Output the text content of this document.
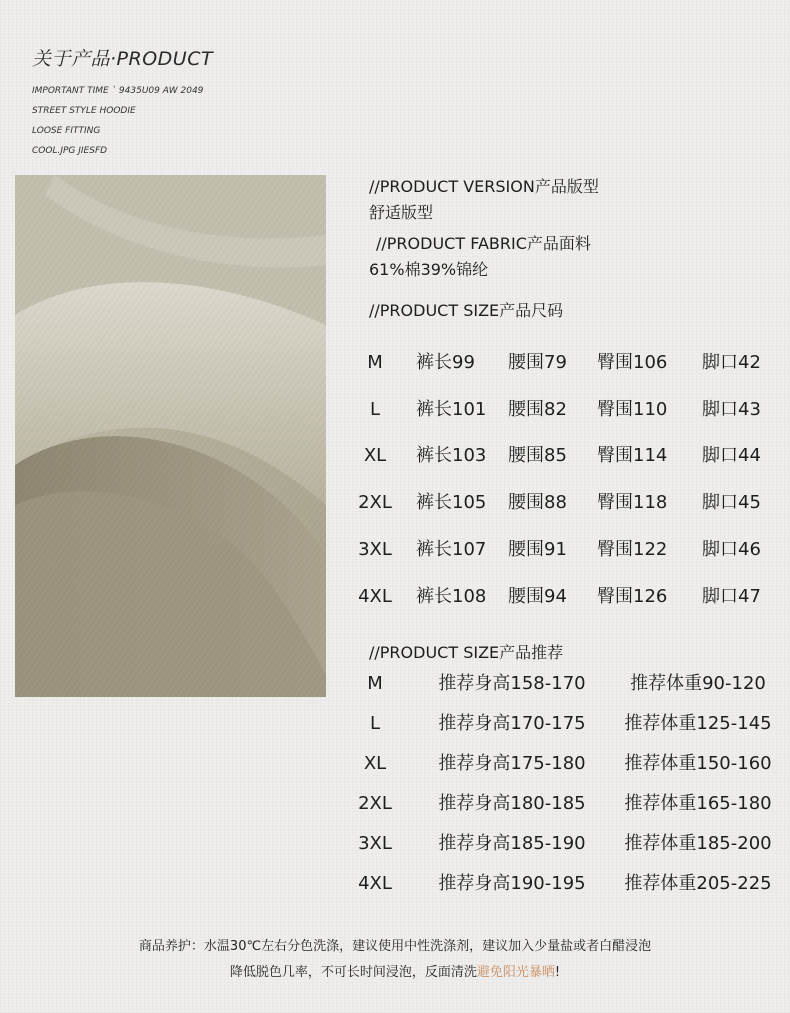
关于产品·PRODUCT
IMPORTANT TIME ` 9435U09 AW 2049
STREET STYLE HOODIE
LOOSE FITTING
COOL.JPG JIESFD
//PRODUCT VERSION产品版型
舒适版型
//PRODUCT FABRIC产品面料
61%棉39%锦纶
//PRODUCT SIZE产品尺码
M	裤长99 腰围79 臀围106 脚口42
L	裤长101 腰围82 臀围110 脚口43
XL	裤长103 腰围85 臀围114 脚口44
2XL 裤长105 腰围88 臀围118 脚口45
3XL 裤长107 腰围91 臀围122 脚口46
4XL 裤长108 腰围94 臀围126 脚口47
//PRODUCT SIZE产品推荐
M	推荐身高158-170	推荐体重90-120
L	推荐身高170-175	推荐体重125-145
XL	推荐身高175-180	推荐体重150-160
2XL	推荐身高180-185	推荐体重165-180
3XL	推荐身高185-190	推荐体重185-200
4XL	推荐身高190-195	推荐体重205-225
商品养护：水温30℃左右分色洗涤，建议使用中性洗涤剂，建议加入少量盐或者白醋浸泡
降低脱色几率，不可长时间浸泡，反面清洗避免阳光暴晒!
